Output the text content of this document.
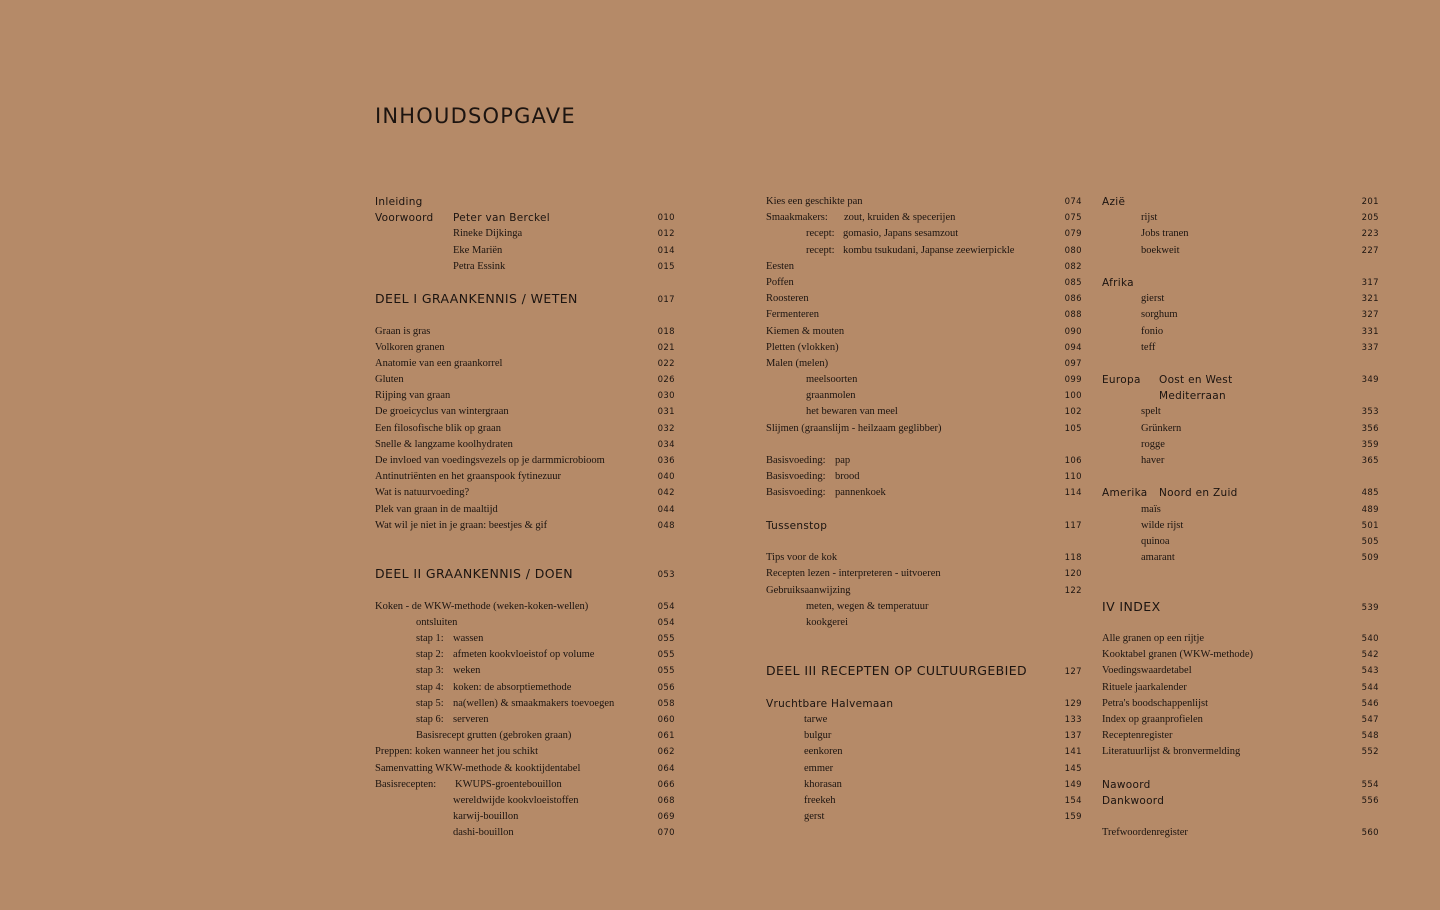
INHOUDSOPGAVE
Inleiding
Voorwoord Peter van Berckel	010
Rineke Dijkinga	012
Eke Mariën	014
Petra Essink	015
DEEL I GRAANKENNIS / WETEN	017
Graan is gras	018
Volkoren granen	021
Anatomie van een graankorrel	022
Gluten	026
Rijping van graan	030
De groeicyclus van wintergraan	031
Een filosofische blik op graan	032
Snelle & langzame koolhydraten	034
De invloed van voedingsvezels op je darmmicrobioom	036
Antinutriënten en het graanspook fytinezuur	040
Wat is natuurvoeding?	042
Plek van graan in de maaltijd	044
Wat wil je niet in je graan: beestjes & gif	048
DEEL II GRAANKENNIS / DOEN	053
Koken - de WKW-methode (weken-koken-wellen)	054
ontsluiten	054
stap 1: wassen	055
stap 2: afmeten kookvloeistof op volume	055
stap 3: weken	055
stap 4: koken: de absorptiemethode	056
stap 5: na(wellen) & smaakmakers toevoegen	058
stap 6: serveren	060
Basisrecept grutten (gebroken graan)	061
Preppen: koken wanneer het jou schikt	062
Samenvatting WKW-methode & kooktijdentabel	064
Basisrecepten: KWUPS-groentebouillon	066
wereldwijde kookvloeistoffen	068
karwij-bouillon	069
dashi-bouillon	070
Kies een geschikte pan	074
Smaakmakers: zout, kruiden & specerijen	075
recept: gomasio, Japans sesamzout	079
recept: kombu tsukudani, Japanse zeewierpickle	080
Eesten	082
Poffen	085
Roosteren	086
Fermenteren	088
Kiemen & mouten	090
Pletten (vlokken)	094
Malen (melen)	097
meelsoorten	099
graanmolen	100
het bewaren van meel	102
Slijmen (graanslijm - heilzaam geglibber)	105
Basisvoeding: pap	106
Basisvoeding: brood	110
Basisvoeding: pannenkoek	114
Tussenstop	117
Tips voor de kok	118
Recepten lezen - interpreteren - uitvoeren	120
Gebruiksaanwijzing	122
meten, wegen & temperatuur
kookgerei
DEEL III RECEPTEN OP CULTUURGEBIED	127
Vruchtbare Halvemaan	129
tarwe	133
bulgur	137
eenkoren	141
emmer	145
khorasan	149
freekeh	154
gerst	159
Azië	201
rijst	205
Jobs tranen	223
boekweit	227
Afrika	317
gierst	321
sorghum	327
fonio	331
teff	337
Europa Oost en West	349
Mediterraan
spelt	353
Grünkern	356
rogge	359
haver	365
Amerika Noord en Zuid	485
maïs	489
wilde rijst	501
quinoa	505
amarant	509
IV INDEX	539
Alle granen op een rijtje	540
Kooktabel granen (WKW-methode)	542
Voedingswaardetabel	543
Rituele jaarkalender	544
Petra's boodschappenlijst	546
Index op graanprofielen	547
Receptenregister	548
Literatuurlijst & bronvermelding	552
Nawoord	554
Dankwoord	556
Trefwoordenregister	560
